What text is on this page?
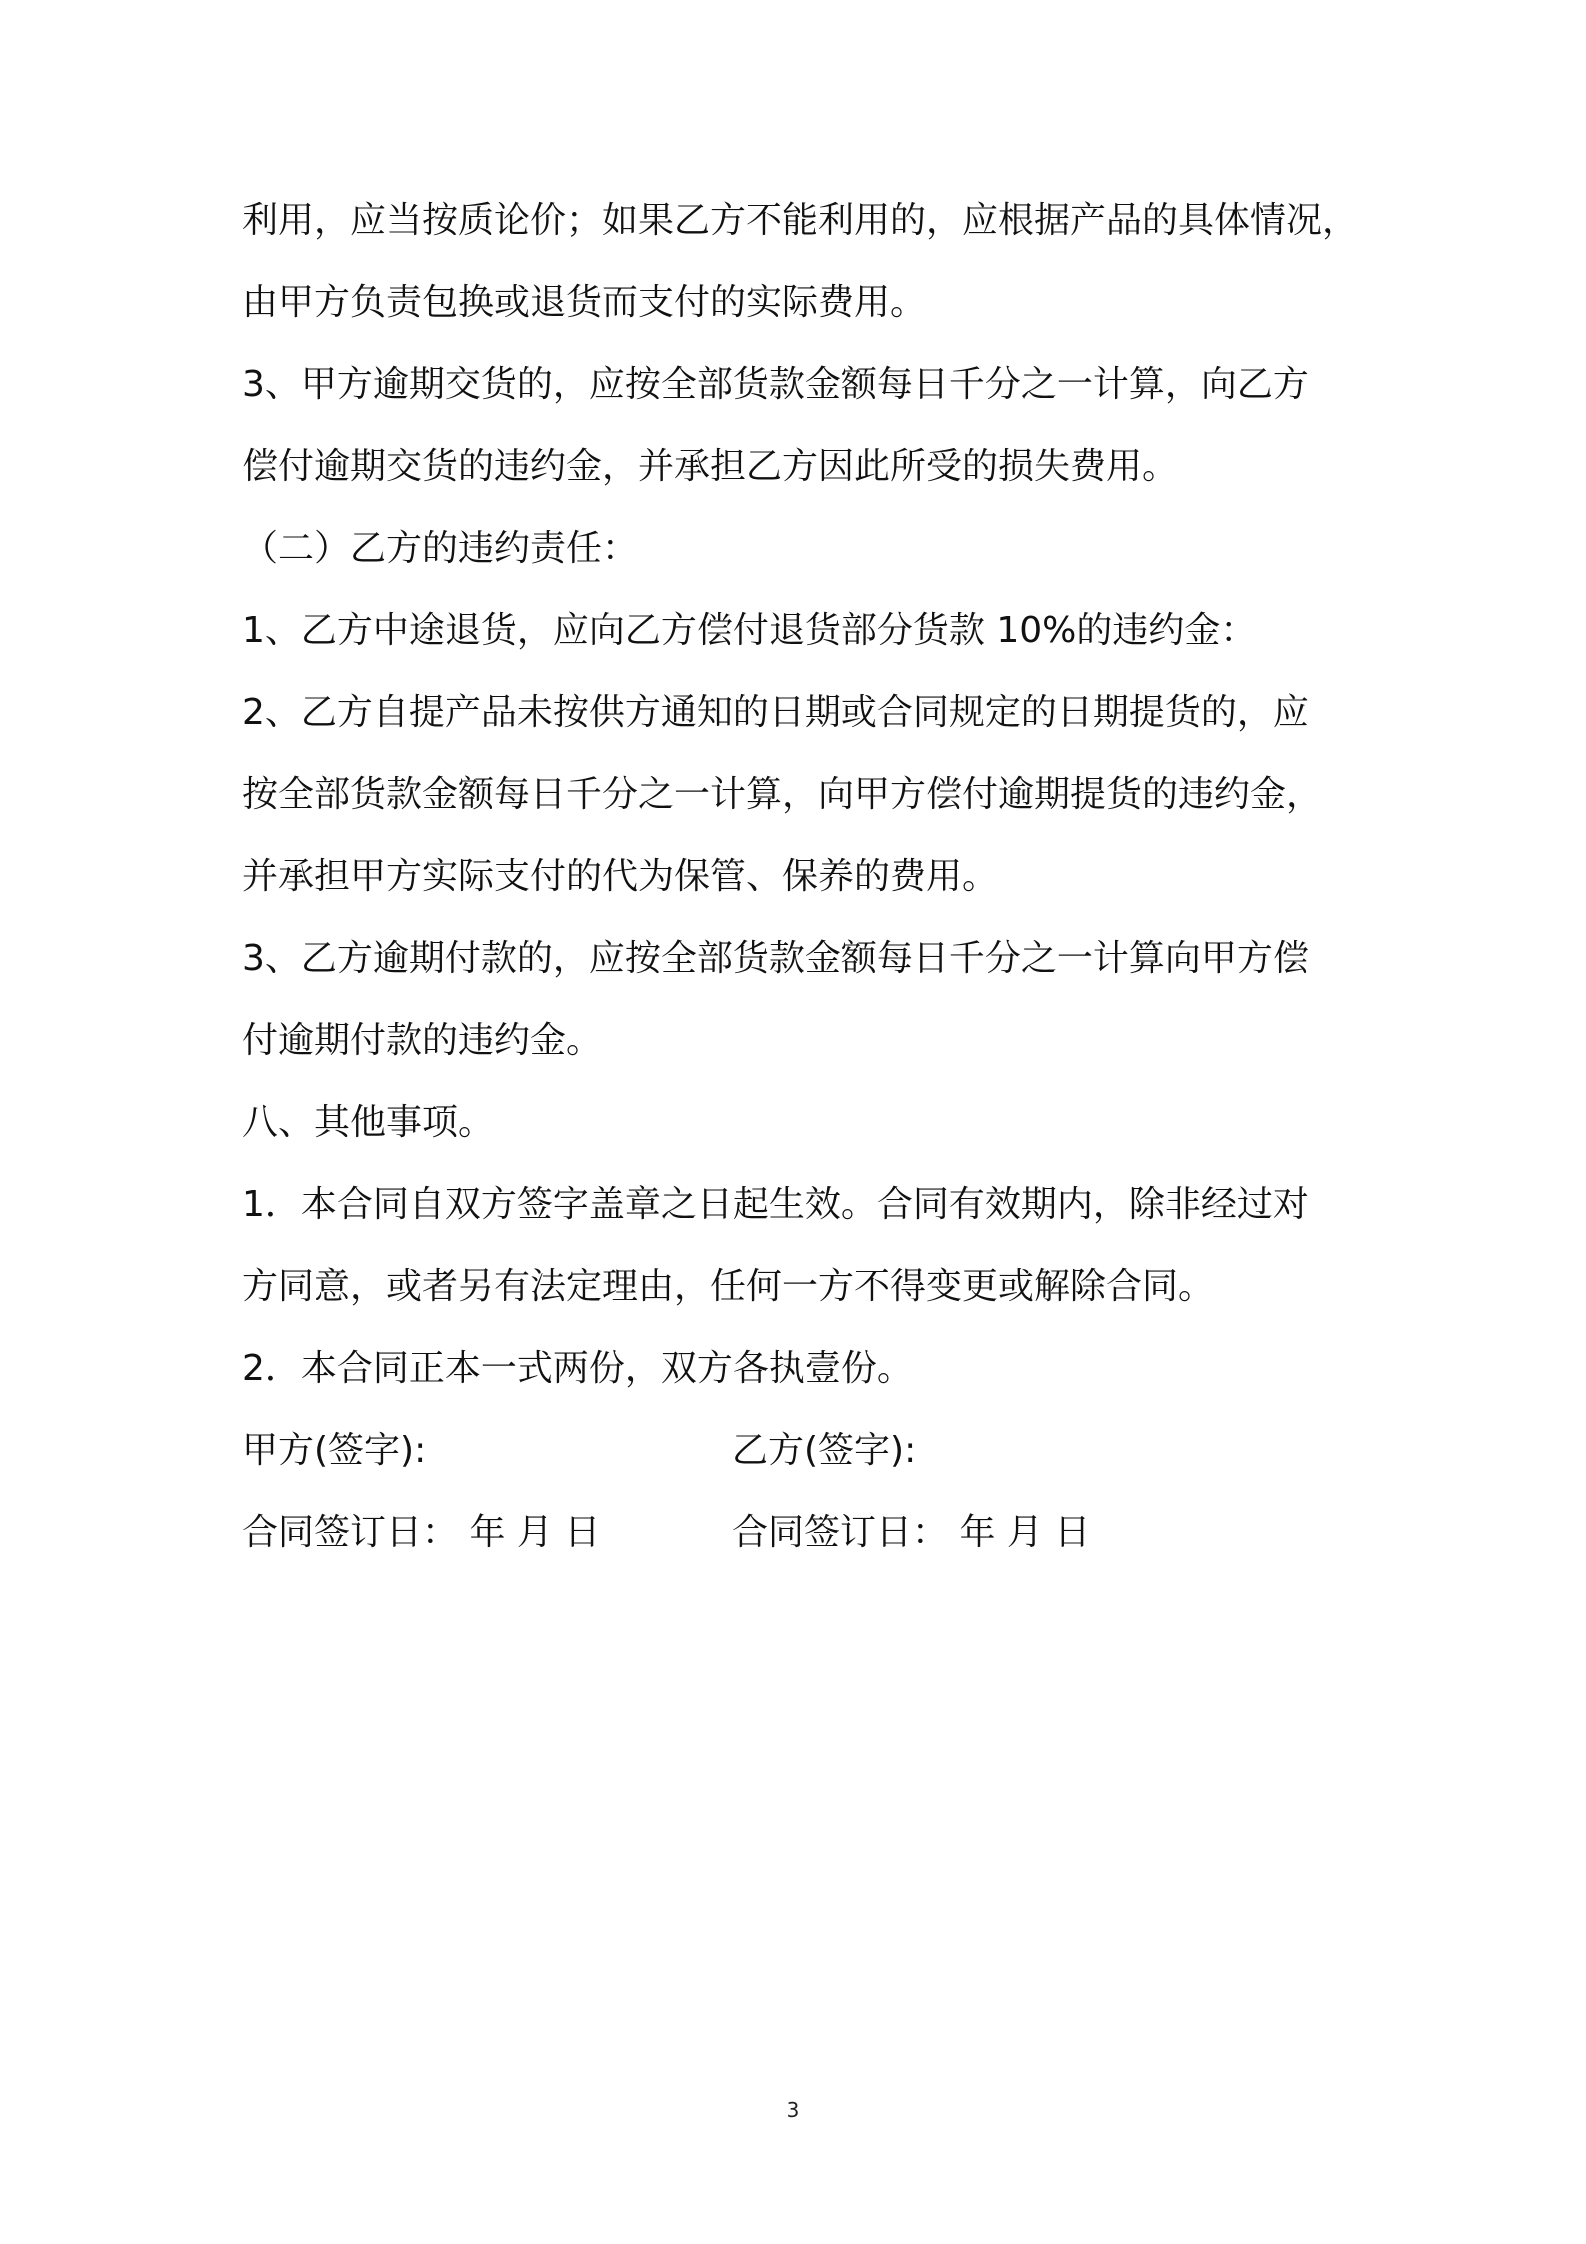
利用，应当按质论价；如果乙方不能利用的，应根据产品的具体情况，
由甲方负责包换或退货而支付的实际费用。
3、甲方逾期交货的，应按全部货款金额每日千分之一计算，向乙方
偿付逾期交货的违约金，并承担乙方因此所受的损失费用。
（二）乙方的违约责任：
1、乙方中途退货，应向乙方偿付退货部分货款 10%的违约金：
2、乙方自提产品未按供方通知的日期或合同规定的日期提货的，应
按全部货款金额每日千分之一计算，向甲方偿付逾期提货的违约金，
并承担甲方实际支付的代为保管、保养的费用。
3、乙方逾期付款的，应按全部货款金额每日千分之一计算向甲方偿
付逾期付款的违约金。
八、其他事项。
1．本合同自双方签字盖章之日起生效。合同有效期内，除非经过对
方同意，或者另有法定理由，任何一方不得变更或解除合同。
2．本合同正本一式两份，双方各执壹份。
甲方(签字):	乙方(签字):
合同签订日： 年 月 日	合同签订日： 年 月 日
3
